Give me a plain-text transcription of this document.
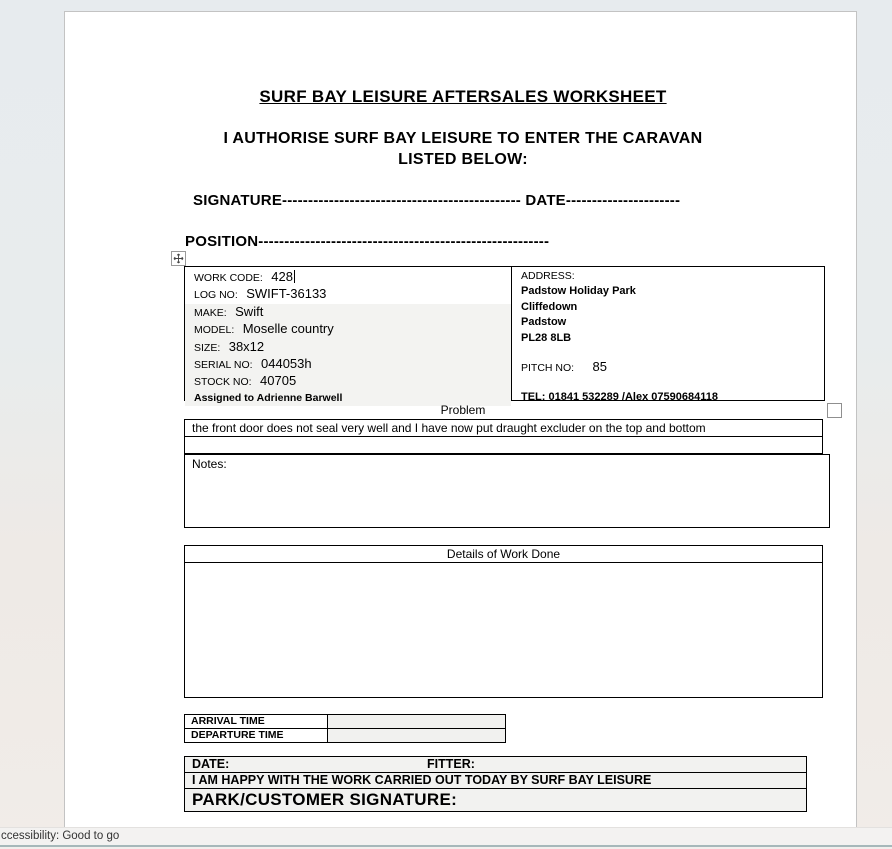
SURF BAY LEISURE AFTERSALES WORKSHEET
I AUTHORISE SURF BAY LEISURE TO ENTER THE CARAVAN
LISTED BELOW:
SIGNATURE---------------------------------------------- DATE----------------------
POSITION--------------------------------------------------------
WORK CODE: 428
LOG NO: SWIFT-36133
MAKE: Swift
MODEL: Moselle country
SIZE: 38x12
SERIAL NO: 044053h
STOCK NO: 40705
Assigned to Adrienne Barwell
ADDRESS:
Padstow Holiday Park
Cliffedown
Padstow
PL28 8LB
PITCH NO: 85
TEL: 01841 532289 /Alex 07590684118
Problem
the front door does not seal very well and I have now put draught excluder on the top and bottom
Notes:
Details of Work Done
ARRIVAL TIME
DEPARTURE TIME
DATE:	FITTER:
I AM HAPPY WITH THE WORK CARRIED OUT TODAY BY SURF BAY LEISURE
PARK/CUSTOMER SIGNATURE:
ccessibility: Good to go
